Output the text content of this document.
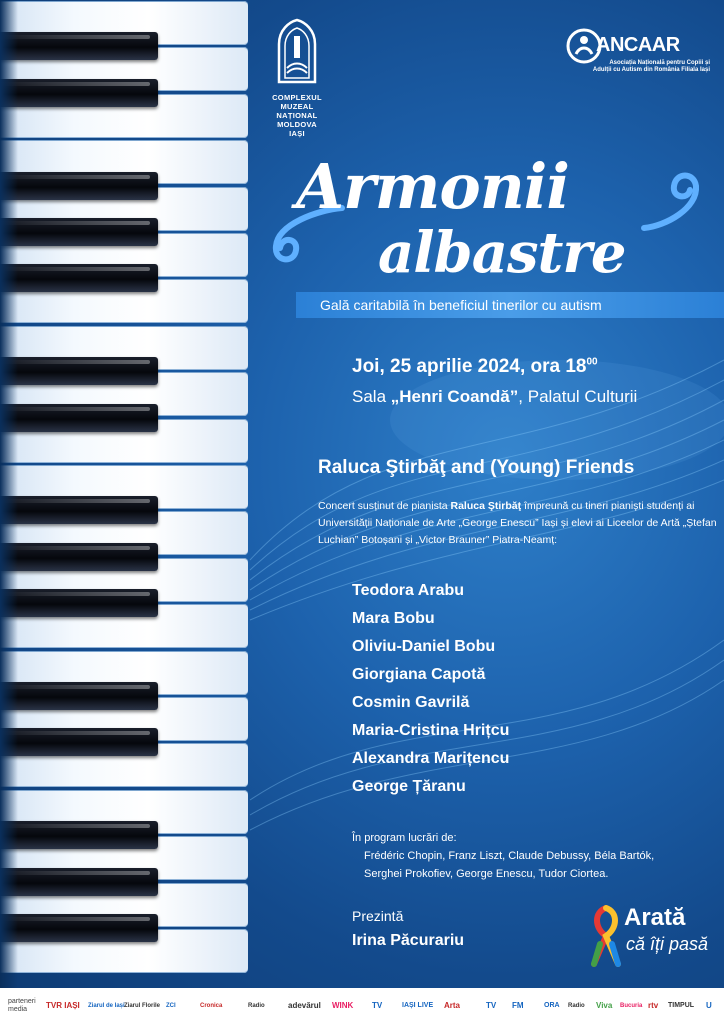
COMPLEXUL
MUZEAL
NAȚIONAL
MOLDOVA
IAȘI
ANCAAR
Asociația Națională pentru Copiii și Adulții cu Autism din România Filiala Iași
Armonii
albastre
Gală caritabilă în beneficiul tinerilor cu autism
Joi, 25 aprilie 2024, ora $18^{00}$
Sala „Henri Coandă”, Palatul Culturii
Raluca Ştirbăţ and (Young) Friends
Concert susținut de pianista Raluca Ştirbăţ împreună cu tineri pianiști studenți ai Universității Naționale de Arte „George Enescu” Iași și elevi ai Liceelor de Artă „Ștefan Luchian” Botoșani și „Victor Brauner” Piatra-Neamț:
Teodora Arabu
Mara Bobu
Oliviu-Daniel Bobu
Giorgiana Capotă
Cosmin Gavrilă
Maria-Cristina Hrițcu
Alexandra Marițencu
George Țăranu
În program lucrări de:
Frédéric Chopin, Franz Liszt, Claude Debussy, Béla Bartók,
Serghei Prokofiev, George Enescu, Tudor Ciortea.
Prezintă
Irina Păcurariu
Arată
că îți pasă
parteneri
media	TVR IAȘI Ziarul de Iași Ziarul Florile ZCI	Cronica	Radio	adevărul WINK TV	IAȘI LIVE Arta	TV FM	ORA Radio Viva Bucuria rtv TIMPUL U
